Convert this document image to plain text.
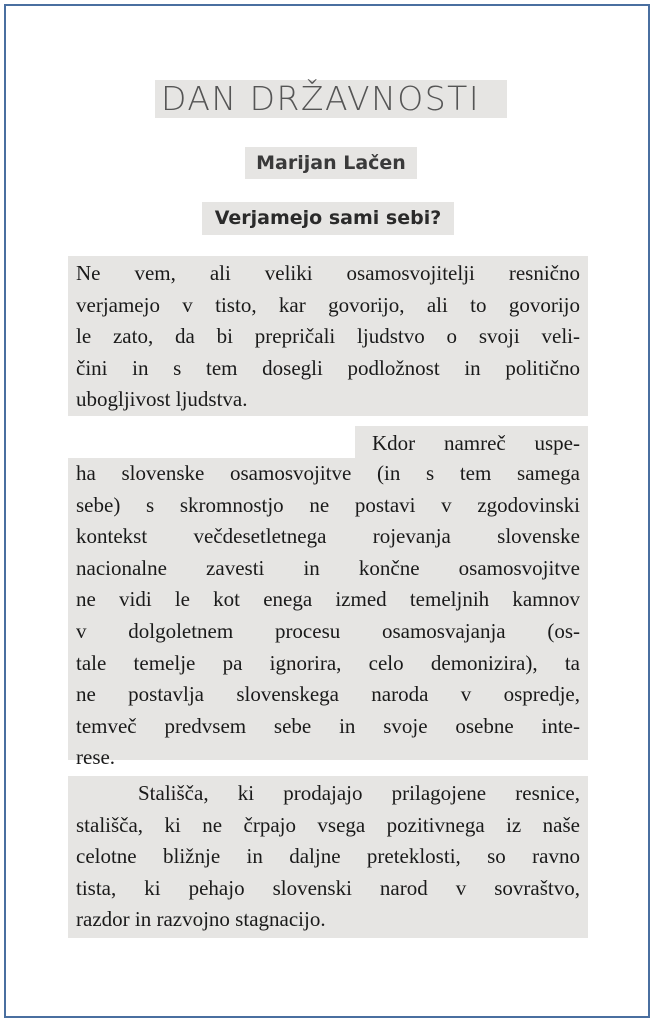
DAN DRŽAVNOSTI
Marijan Lačen
Verjamejo sami sebi?
Ne vem, ali veliki osamosvojitelji resnično
verjamejo v tisto, kar govorijo, ali to govorijo
le zato, da bi prepričali ljudstvo o svoji veli-
čini in s tem dosegli podložnost in politično
uboglјivost ljudstva.
Kdor namreč uspe-
ha slovenske osamosvojitve (in s tem samega
sebe) s skromnostjo ne postavi v zgodovinski
kontekst večdesetletnega rojevanja slovenske
nacionalne zavesti in končne osamosvojitve
ne vidi le kot enega izmed temeljnih kamnov
v dolgoletnem procesu osamosvajanja (os-
tale temelje pa ignorira, celo demonizira), ta
ne postavlja slovenskega naroda v ospredje,
temveč predvsem sebe in svoje osebne inte-
rese.
Stališča, ki prodajajo prilagojene resnice,
stališča, ki ne črpajo vsega pozitivnega iz naše
celotne bližnje in daljne preteklosti, so ravno
tista, ki pehajo slovenski narod v sovraštvo,
razdor in razvojno stagnacijo.
